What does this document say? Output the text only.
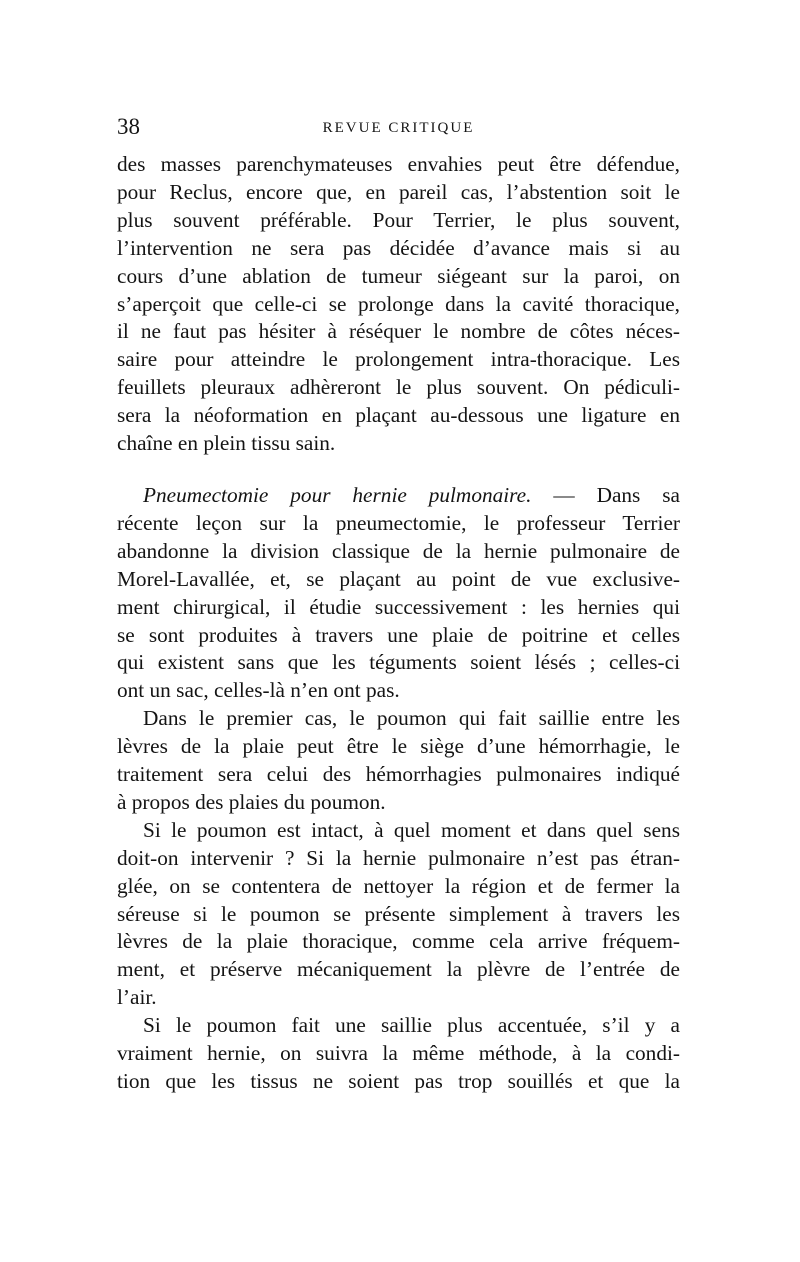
38	REVUE CRITIQUE
des masses parenchymateuses envahies peut être défendue,
pour Reclus, encore que, en pareil cas, l’abstention soit le
plus souvent préférable. Pour Terrier, le plus souvent,
l’intervention ne sera pas décidée d’avance mais si au
cours d’une ablation de tumeur siégeant sur la paroi, on
s’aperçoit que celle-ci se prolonge dans la cavité thoracique,
il ne faut pas hésiter à réséquer le nombre de côtes néces-
saire pour atteindre le prolongement intra-thoracique. Les
feuillets pleuraux adhèreront le plus souvent. On pédiculi-
sera la néoformation en plaçant au-dessous une ligature en
chaîne en plein tissu sain.
Pneumectomie pour hernie pulmonaire. — Dans sa
récente leçon sur la pneumectomie, le professeur Terrier
abandonne la division classique de la hernie pulmonaire de
Morel-Lavallée, et, se plaçant au point de vue exclusive-
ment chirurgical, il étudie successivement : les hernies qui
se sont produites à travers une plaie de poitrine et celles
qui existent sans que les téguments soient lésés ; celles-ci
ont un sac, celles-là n’en ont pas.
Dans le premier cas, le poumon qui fait saillie entre les
lèvres de la plaie peut être le siège d’une hémorrhagie, le
traitement sera celui des hémorrhagies pulmonaires indiqué
à propos des plaies du poumon.
Si le poumon est intact, à quel moment et dans quel sens
doit-on intervenir ? Si la hernie pulmonaire n’est pas étran-
glée, on se contentera de nettoyer la région et de fermer la
séreuse si le poumon se présente simplement à travers les
lèvres de la plaie thoracique, comme cela arrive fréquem-
ment, et préserve mécaniquement la plèvre de l’entrée de
l’air.
Si le poumon fait une saillie plus accentuée, s’il y a
vraiment hernie, on suivra la même méthode, à la condi-
tion que les tissus ne soient pas trop souillés et que la
